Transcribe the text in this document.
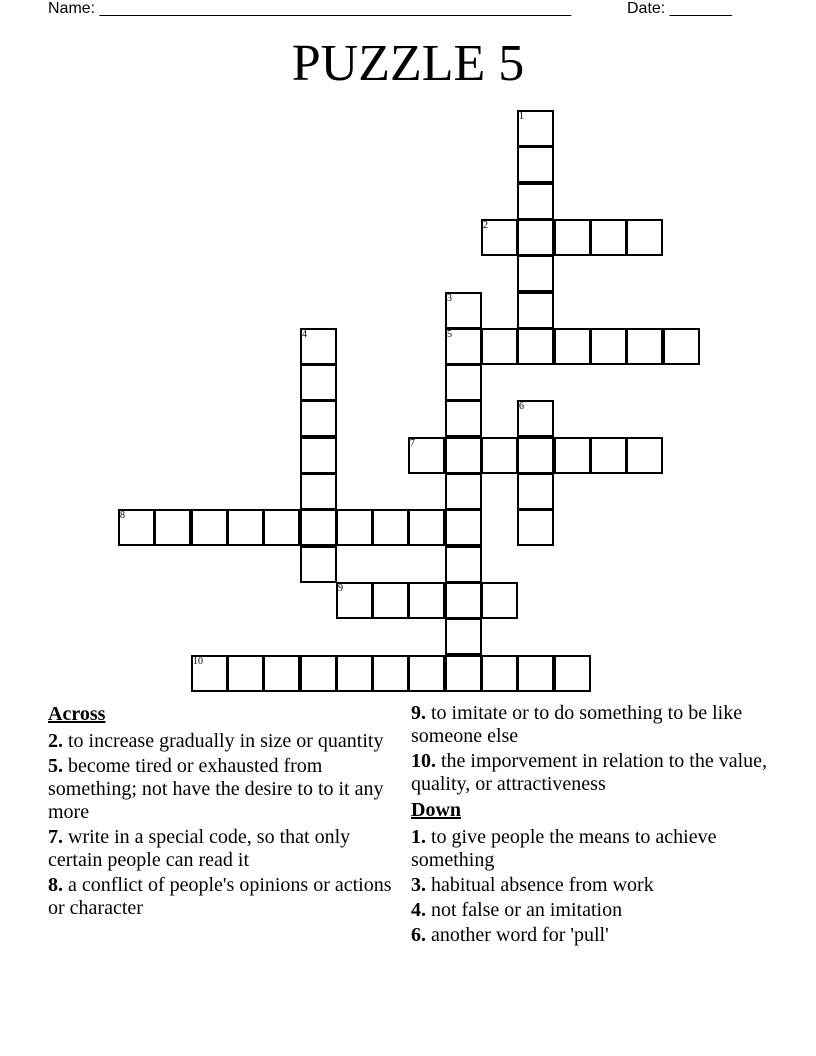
Name: _____________________________________________________	Date: _______
PUZZLE 5
1
2
3
4	5
6
7
8
9
10
Across
2. to increase gradually in size or quantity
5. become tired or exhausted from something; not have the desire to to it any more
7. write in a special code, so that only certain people can read it
8. a conflict of people's opinions or actions or character
9. to imitate or to do something to be like someone else
10. the imporvement in relation to the value, quality, or attractiveness
Down
1. to give people the means to achieve something
3. habitual absence from work
4. not false or an imitation
6. another word for 'pull'
